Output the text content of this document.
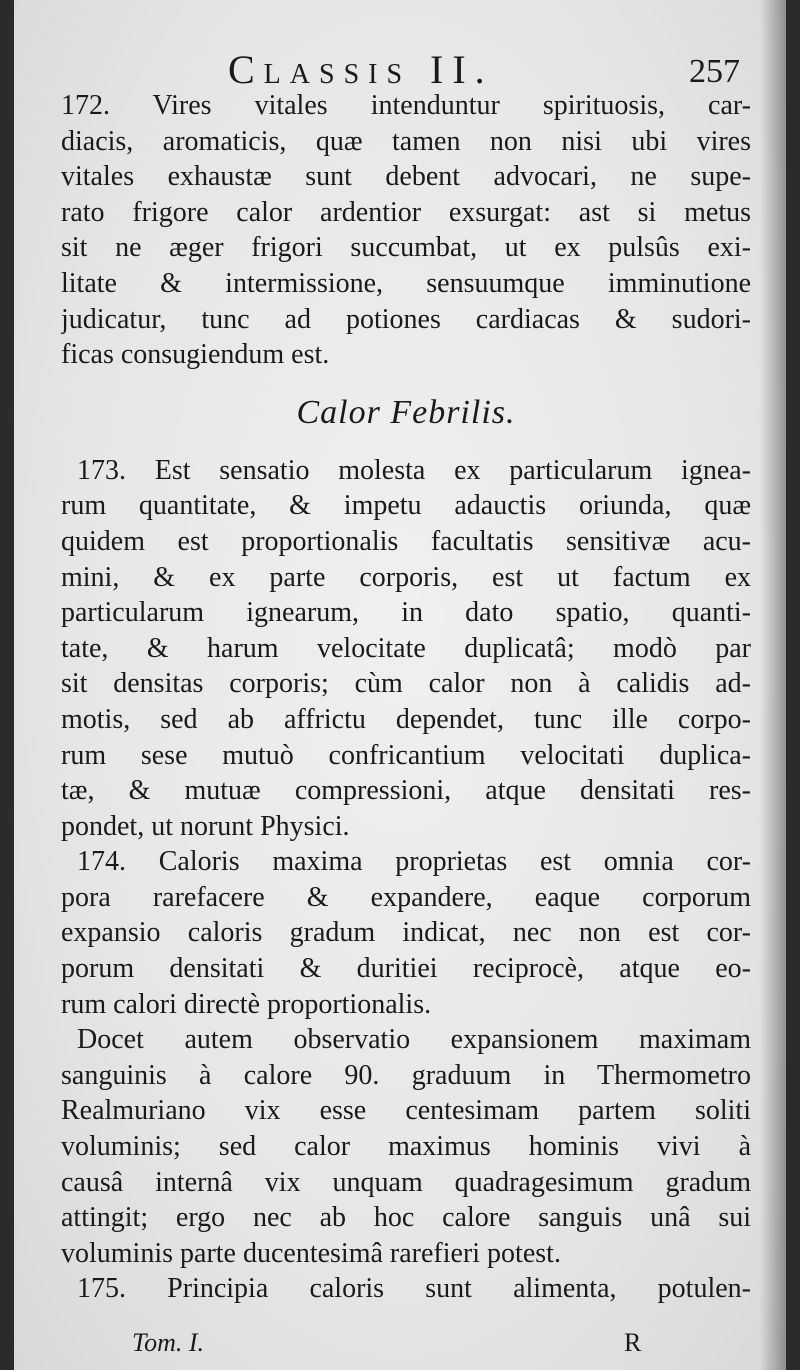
Classis II.	257
172. Vires vitales intenduntur spirituosis, car-
diacis, aromaticis, quæ tamen non nisi ubi vires
vitales exhaustæ sunt debent advocari, ne supe-
rato frigore calor ardentior exsurgat: ast si metus
sit ne æger frigori succumbat, ut ex pulsûs exi-
litate & intermissione, sensuumque imminutione
judicatur, tunc ad potiones cardiacas & sudori-
ficas consugiendum est.
Calor Febrilis.
173. Est sensatio molesta ex particularum ignea-
rum quantitate, & impetu adauctis oriunda, quæ
quidem est proportionalis facultatis sensitivæ acu-
mini, & ex parte corporis, est ut factum ex
particularum ignearum, in dato spatio, quanti-
tate, & harum velocitate duplicatâ; modò par
sit densitas corporis; cùm calor non à calidis ad-
motis, sed ab affrictu dependet, tunc ille corpo-
rum sese mutuò confricantium velocitati duplica-
tæ, & mutuæ compressioni, atque densitati res-
pondet, ut norunt Physici.
174. Caloris maxima proprietas est omnia cor-
pora rarefacere & expandere, eaque corporum
expansio caloris gradum indicat, nec non est cor-
porum densitati & duritiei reciprocè, atque eo-
rum calori directè proportionalis.
Docet autem observatio expansionem maximam
sanguinis à calore 90. graduum in Thermometro
Realmuriano vix esse centesimam partem soliti
voluminis; sed calor maximus hominis vivi à
causâ internâ vix unquam quadragesimum gradum
attingit; ergo nec ab hoc calore sanguis unâ sui
voluminis parte ducentesimâ rarefieri potest.
175. Principia caloris sunt alimenta, potulen-
Tom. I.	R
